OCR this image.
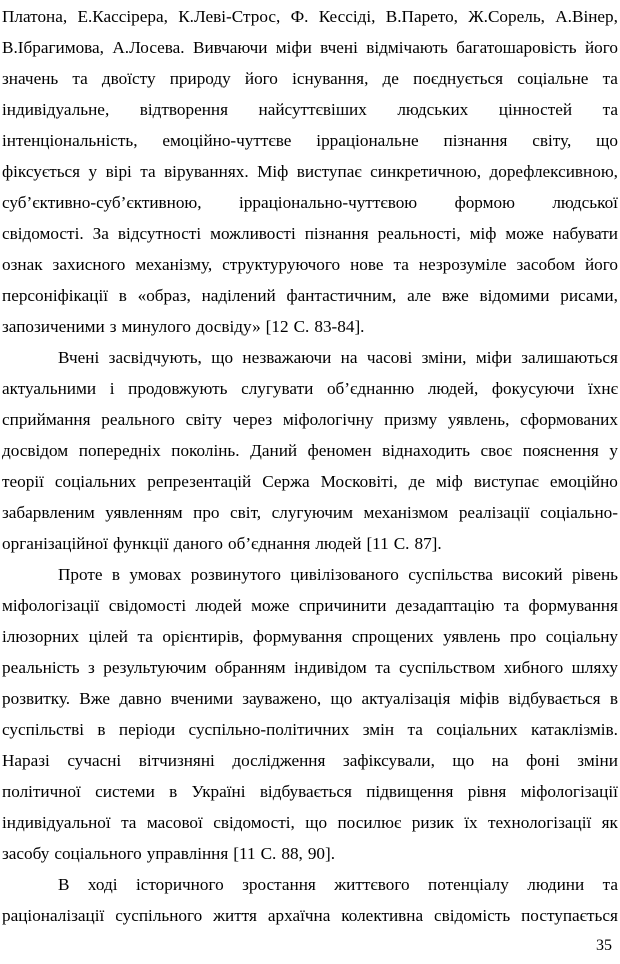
Платона, Е.Кассірера, К.Леві-Строс, Ф. Кессіді, В.Парето, Ж.Сорель, А.Вінер,
В.Ібрагимова, А.Лосева. Вивчаючи міфи вчені відмічають багатошаровість його
значень та двоїсту природу його існування, де поєднується соціальне та
індивідуальне, відтворення найсуттєвіших людських цінностей та
інтенціональність, емоційно-чуттєве ірраціональне пізнання світу, що
фіксується у вірі та віруваннях. Міф виступає синкретичною, дорефлексивною,
суб’єктивно-суб’єктивною, ірраціонально-чуттєвою формою людської
свідомості. За відсутності можливості пізнання реальності, міф може набувати
ознак захисного механізму, структуруючого нове та незрозуміле засобом його
персоніфікації в «образ, наділений фантастичним, але вже відомими рисами,
запозиченими з минулого досвіду» [12 С. 83-84].
Вчені засвідчують, що незважаючи на часові зміни, міфи залишаються
актуальними і продовжують слугувати об’єднанню людей, фокусуючи їхнє
сприймання реального світу через міфологічну призму уявлень, сформованих
досвідом попередніх поколінь. Даний феномен віднаходить своє пояснення у
теорії соціальних репрезентацій Сержа Московіті, де міф виступає емоційно
забарвленим уявленням про світ, слугуючим механізмом реалізації соціально-
організаційної функції даного об’єднання людей [11 С. 87].
Проте в умовах розвинутого цивілізованого суспільства високий рівень
міфологізації свідомості людей може спричинити дезадаптацію та формування
ілюзорних цілей та орієнтирів, формування спрощених уявлень про соціальну
реальність з результуючим обранням індивідом та суспільством хибного шляху
розвитку. Вже давно вченими зауважено, що актуалізація міфів відбувається в
суспільстві в періоди суспільно-політичних змін та соціальних катаклізмів.
Наразі сучасні вітчизняні дослідження зафіксували, що на фоні зміни
політичної системи в Україні відбувається підвищення рівня міфологізації
індивідуальної та масової свідомості, що посилює ризик їх технологізації як
засобу соціального управління [11 С. 88, 90].
В ході історичного зростання життєвого потенціалу людини та
раціоналізації суспільного життя архаїчна колективна свідомість поступається
35
